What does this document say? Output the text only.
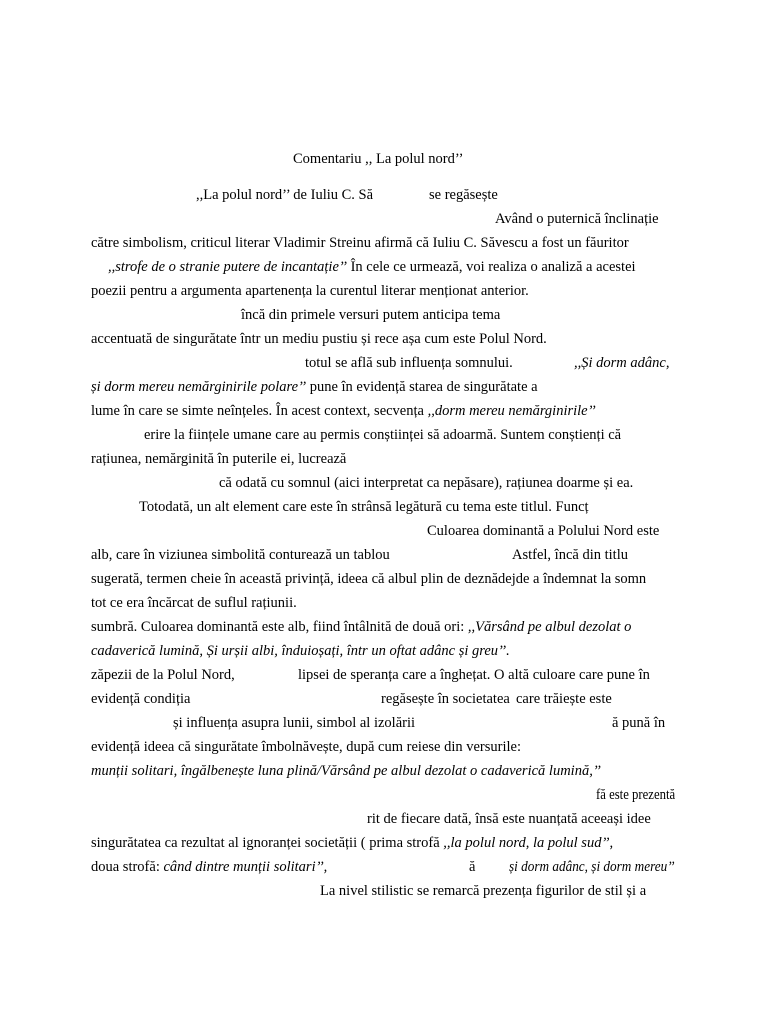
Comentariu ,, La polul nord’’
,,La polul nord’’ de Iuliu C. Să	se regăsește
Având o puternică înclinație
către simbolism, criticul literar Vladimir Streinu afirmă că Iuliu C. Săvescu a fost un făuritor
,,strofe de o stranie putere de incantație’’ În cele ce urmează, voi realiza o analiză a acestei
poezii pentru a argumenta apartenența la curentul literar menționat anterior.
încă din primele versuri putem anticipa tema
accentuată de singurătate într un mediu pustiu și rece așa cum este Polul Nord.
totul se află sub influența somnului.	,,Și dorm adânc,
și dorm mereu nemărginirile polare’’ pune în evidență starea de singurătate a
lume în care se simte neînțeles. În acest context, secvența ,,dorm mereu nemărginirile’’
erire la ființele umane care au permis conștiinței să adoarmă. Suntem conștienți că
rațiunea, nemărginită în puterile ei, lucrează
că odată cu somnul (aici interpretat ca nepăsare), rațiunea doarme și ea.
Totodată, un alt element care este în strânsă legătură cu tema este titlul. Funcț
Culoarea dominantă a Polului Nord este
alb, care în viziunea simbolită conturează un tablou	Astfel, încă din titlu
sugerată, termen cheie în această privință, ideea că albul plin de deznădejde a îndemnat la somn
tot ce era încărcat de suflul rațiunii.
sumbră. Culoarea dominantă este alb, fiind întâlnită de două ori: ,,Vărsând pe albul dezolat o
cadaverică lumină, Și urșii albi, înduioșați, într un oftat adânc și greu’’.
zăpezii de la Polul Nord,	lipsei de speranța care a înghețat. O altă culoare care pune în
evidență condiția	regăsește în societatea care trăiește este
și influența asupra lunii, simbol al izolării	ă pună în
evidență ideea că singurătate îmbolnăvește, după cum reiese din versurile:
munții solitari, îngălbenește luna plină/Vărsând pe albul dezolat o cadaverică lumină,’’
fă este prezentă
rit de fiecare dată, însă este nuanțată aceeași idee
singurătatea ca rezultat al ignoranței societății ( prima strofă ,,la polul nord, la polul sud’’,
doua strofă: când dintre munții solitari’’,	ă și dorm adânc, și dorm mereu’’
La nivel stilistic se remarcă prezența figurilor de stil și a
